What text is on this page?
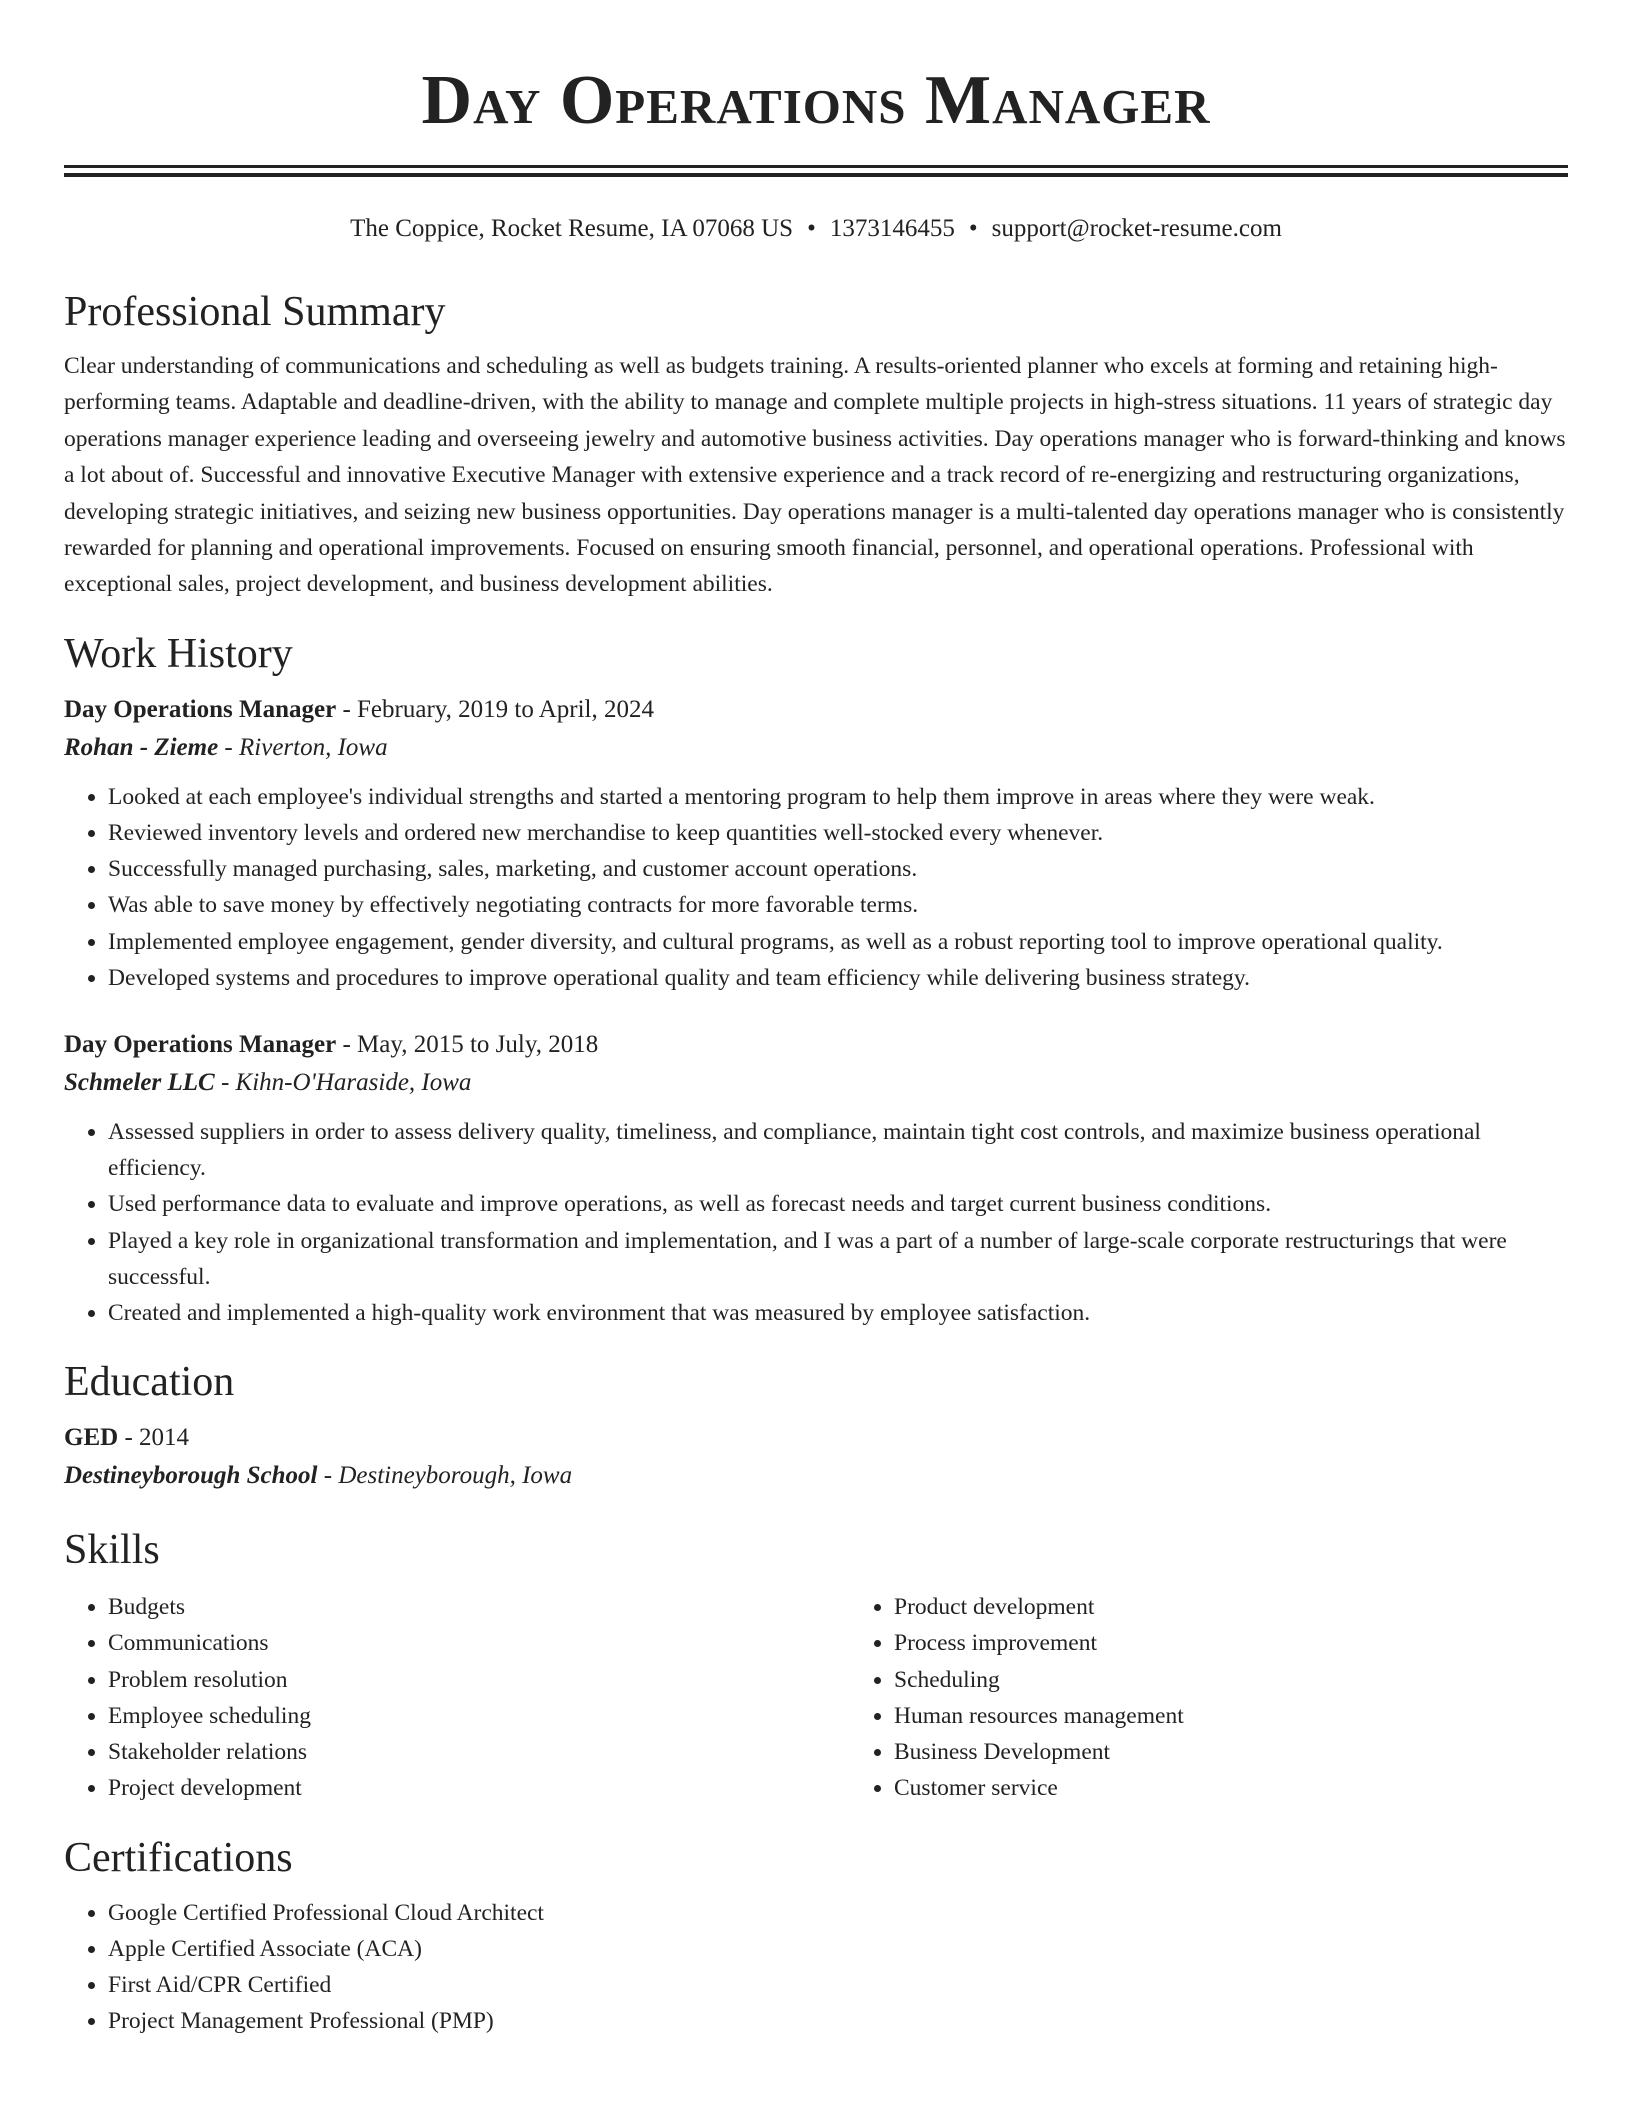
Day Operations Manager
The Coppice, Rocket Resume, IA 07068 US • 1373146455 • support@rocket-resume.com
Professional Summary

Clear understanding of communications and scheduling as well as budgets training. A results-oriented planner who excels at forming and retaining high-performing teams. Adaptable and deadline-driven, with the ability to manage and complete multiple projects in high-stress situations. 11 years of strategic day operations manager experience leading and overseeing jewelry and automotive business activities. Day operations manager who is forward-thinking and knows a lot about of. Successful and innovative Executive Manager with extensive experience and a track record of re-energizing and restructuring organizations, developing strategic initiatives, and seizing new business opportunities. Day operations manager is a multi-talented day operations manager who is consistently rewarded for planning and operational improvements. Focused on ensuring smooth financial, personnel, and operational operations. Professional with exceptional sales, project development, and business development abilities.

Work History
Day Operations Manager - February, 2019 to April, 2024
Rohan - Zieme - Riverton, Iowa
• Looked at each employee's individual strengths and started a mentoring program to help them improve in areas where they were weak.
• Reviewed inventory levels and ordered new merchandise to keep quantities well-stocked every whenever.
• Successfully managed purchasing, sales, marketing, and customer account operations.
• Was able to save money by effectively negotiating contracts for more favorable terms.
• Implemented employee engagement, gender diversity, and cultural programs, as well as a robust reporting tool to improve operational quality.
• Developed systems and procedures to improve operational quality and team efficiency while delivering business strategy.
Day Operations Manager - May, 2015 to July, 2018
Schmeler LLC - Kihn-O'Haraside, Iowa
• Assessed suppliers in order to assess delivery quality, timeliness, and compliance, maintain tight cost controls, and maximize business operational efficiency.
• Used performance data to evaluate and improve operations, as well as forecast needs and target current business conditions.
• Played a key role in organizational transformation and implementation, and I was a part of a number of large-scale corporate restructurings that were successful.
• Created and implemented a high-quality work environment that was measured by employee satisfaction.
Education
GED - 2014
Destineyborough School - Destineyborough, Iowa
Skills
• Budgets
• Communications
• Problem resolution
• Employee scheduling
• Stakeholder relations
• Project development
• Product development
• Process improvement
• Scheduling
• Human resources management
• Business Development
• Customer service
Certifications
• Google Certified Professional Cloud Architect
• Apple Certified Associate (ACA)
• First Aid/CPR Certified
• Project Management Professional (PMP)
